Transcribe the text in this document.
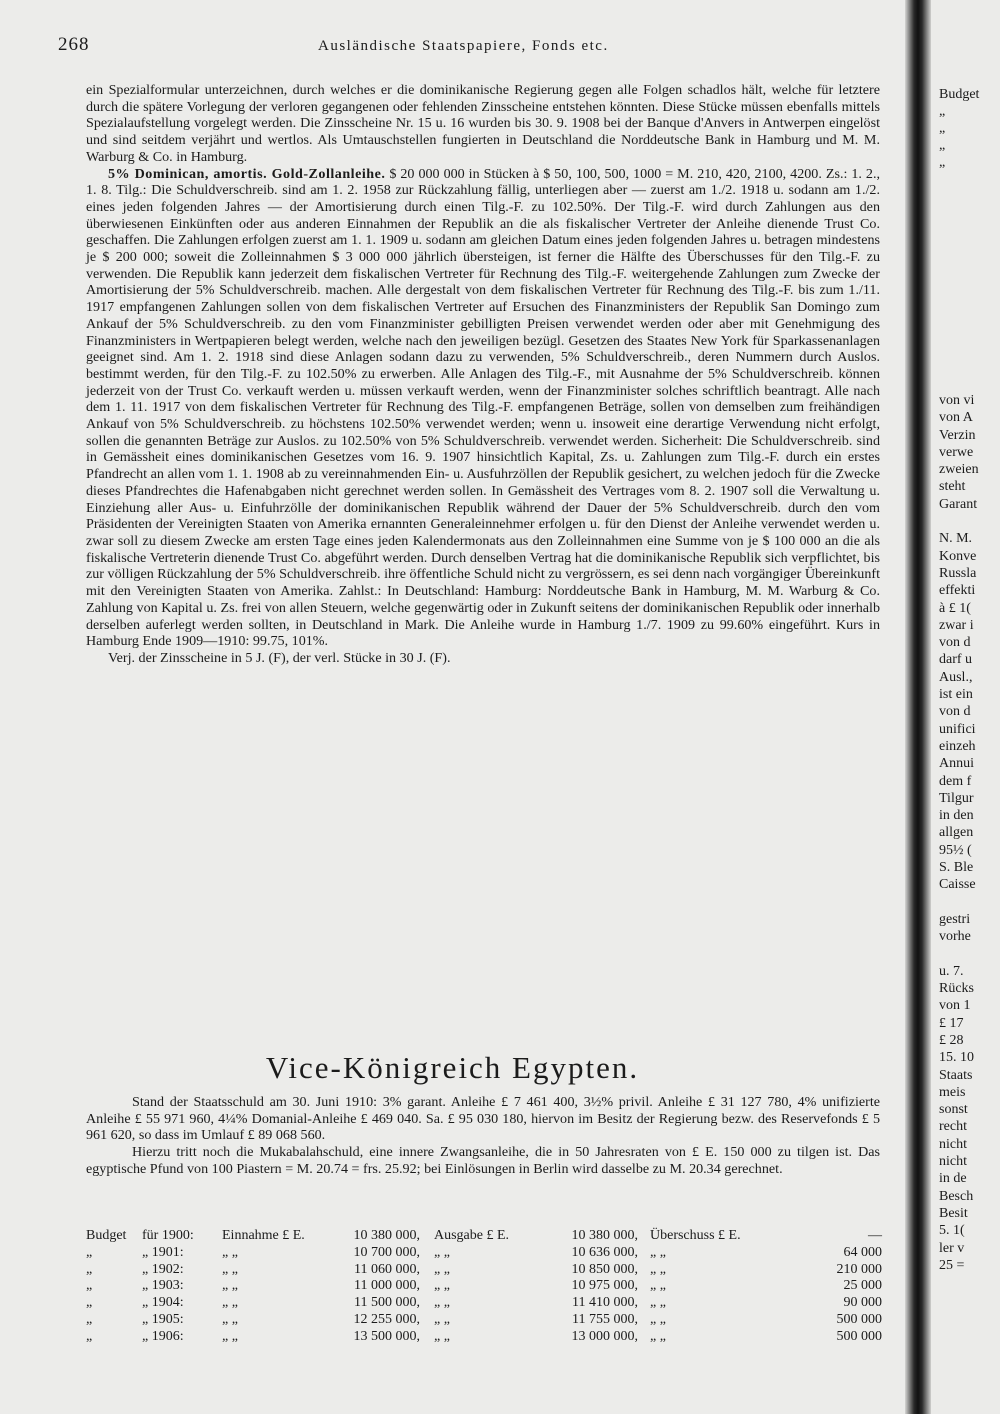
268	Ausländische Staatspapiere, Fonds etc.

ein Spezialformular unterzeichnen, durch welches er die dominikanische Regierung gegen alle Folgen schadlos hält, welche für letztere durch die spätere Vorlegung der verloren gegangenen oder fehlenden Zinsscheine entstehen könnten. Diese Stücke müssen ebenfalls mittels Spezialaufstellung vorgelegt werden. Die Zinsscheine Nr. 15 u. 16 wurden bis 30. 9. 1908 bei der Banque d'Anvers in Antwerpen eingelöst und sind seitdem verjährt und wertlos. Als Umtauschstellen fungierten in Deutschland die Norddeutsche Bank in Hamburg und M. M. Warburg & Co. in Hamburg.

5% Dominican, amortis. Gold-Zollanleihe. $ 20 000 000 in Stücken à $ 50, 100, 500, 1000 = M. 210, 420, 2100, 4200. Zs.: 1. 2., 1. 8. Tilg.: Die Schuldverschreib. sind am 1. 2. 1958 zur Rückzahlung fällig, unterliegen aber — zuerst am 1./2. 1918 u. sodann am 1./2. eines jeden folgenden Jahres — der Amortisierung durch einen Tilg.-F. zu 102.50%. Der Tilg.-F. wird durch Zahlungen aus den überwiesenen Einkünften oder aus anderen Einnahmen der Republik an die als fiskalischer Vertreter der Anleihe dienende Trust Co. geschaffen. Die Zahlungen erfolgen zuerst am 1. 1. 1909 u. sodann am gleichen Datum eines jeden folgenden Jahres u. betragen mindestens je $ 200 000; soweit die Zolleinnahmen $ 3 000 000 jährlich übersteigen, ist ferner die Hälfte des Überschusses für den Tilg.-F. zu verwenden. Die Republik kann jederzeit dem fiskalischen Vertreter für Rechnung des Tilg.-F. weitergehende Zahlungen zum Zwecke der Amortisierung der 5% Schuldverschreib. machen. Alle dergestalt von dem fiskalischen Vertreter für Rechnung des Tilg.-F. bis zum 1./11. 1917 empfangenen Zahlungen sollen von dem fiskalischen Vertreter auf Ersuchen des Finanzministers der Republik San Domingo zum Ankauf der 5% Schuldverschreib. zu den vom Finanzminister gebilligten Preisen verwendet werden oder aber mit Genehmigung des Finanzministers in Wertpapieren belegt werden, welche nach den jeweiligen bezügl. Gesetzen des Staates New York für Sparkassenanlagen geeignet sind. Am 1. 2. 1918 sind diese Anlagen sodann dazu zu verwenden, 5% Schuldverschreib., deren Nummern durch Auslos. bestimmt werden, für den Tilg.-F. zu 102.50% zu erwerben. Alle Anlagen des Tilg.-F., mit Ausnahme der 5% Schuldverschreib. können jederzeit von der Trust Co. verkauft werden u. müssen verkauft werden, wenn der Finanzminister solches schriftlich beantragt. Alle nach dem 1. 11. 1917 von dem fiskalischen Vertreter für Rechnung des Tilg.-F. empfangenen Beträge, sollen von demselben zum freihändigen Ankauf von 5% Schuldverschreib. zu höchstens 102.50% verwendet werden; wenn u. insoweit eine derartige Verwendung nicht erfolgt, sollen die genannten Beträge zur Auslos. zu 102.50% von 5% Schuldverschreib. verwendet werden. Sicherheit: Die Schuldverschreib. sind in Gemässheit eines dominikanischen Gesetzes vom 16. 9. 1907 hinsichtlich Kapital, Zs. u. Zahlungen zum Tilg.-F. durch ein erstes Pfandrecht an allen vom 1. 1. 1908 ab zu vereinnahmenden Ein- u. Ausfuhrzöllen der Republik gesichert, zu welchen jedoch für die Zwecke dieses Pfandrechtes die Hafenabgaben nicht gerechnet werden sollen. In Gemässheit des Vertrages vom 8. 2. 1907 soll die Verwaltung u. Einziehung aller Aus- u. Einfuhrzölle der dominikanischen Republik während der Dauer der 5% Schuldverschreib. durch den vom Präsidenten der Vereinigten Staaten von Amerika ernannten Generaleinnehmer erfolgen u. für den Dienst der Anleihe verwendet werden u. zwar soll zu diesem Zwecke am ersten Tage eines jeden Kalendermonats aus den Zolleinnahmen eine Summe von je $ 100 000 an die als fiskalische Vertreterin dienende Trust Co. abgeführt werden. Durch denselben Vertrag hat die dominikanische Republik sich verpflichtet, bis zur völligen Rückzahlung der 5% Schuldverschreib. ihre öffentliche Schuld nicht zu vergrössern, es sei denn nach vorgängiger Übereinkunft mit den Vereinigten Staaten von Amerika. Zahlst.: In Deutschland: Hamburg: Norddeutsche Bank in Hamburg, M. M. Warburg & Co. Zahlung von Kapital u. Zs. frei von allen Steuern, welche gegenwärtig oder in Zukunft seitens der dominikanischen Republik oder innerhalb derselben auferlegt werden sollten, in Deutschland in Mark. Die Anleihe wurde in Hamburg 1./7. 1909 zu 99.60% eingeführt. Kurs in Hamburg Ende 1909—1910: 99.75, 101%.

Verj. der Zinsscheine in 5 J. (F), der verl. Stücke in 30 J. (F).

Vice-Königreich Egypten.

Stand der Staatsschuld am 30. Juni 1910: 3% garant. Anleihe £ 7 461 400, 3½% privil. Anleihe £ 31 127 780, 4% unifizierte Anleihe £ 55 971 960, 4¼% Domanial-Anleihe £ 469 040. Sa. £ 95 030 180, hiervon im Besitz der Regierung bezw. des Reservefonds £ 5 961 620, so dass im Umlauf £ 89 068 560.

Hierzu tritt noch die Mukabalahschuld, eine innere Zwangsanleihe, die in 50 Jahresraten von £ E. 150 000 zu tilgen ist. Das egyptische Pfund von 100 Piastern = M. 20.74 = frs. 25.92; bei Einlösungen in Berlin wird dasselbe zu M. 20.34 gerechnet.

Budget	für 1900:	Einnahme £ E.	10 380 000,	Ausgabe £ E.	10 380 000,	Überschuss £ E.	—
„	„ 1901:	„ „	10 700 000,	„ „	10 636 000,	„ „	64 000
„	„ 1902:	„ „	11 060 000,	„ „	10 850 000,	„ „	210 000
„	„ 1903:	„ „	11 000 000,	„ „	10 975 000,	„ „	25 000
„	„ 1904:	„ „	11 500 000,	„ „	11 410 000,	„ „	90 000
„	„ 1905:	„ „	12 255 000,	„ „	11 755 000,	„ „	500 000
„	„ 1906:	„ „	13 500 000,	„ „	13 000 000,	„ „	500 000
Budget
„
„
„
„
von vi
von A
Verzin
verwe
zweien
steht
Garant

N. M.
Konve
Russla
effekti
à £ 1(
zwar i
von d
darf u
Ausl.,
ist ein
von d
unifici
einzeh
Annui
dem f
Tilgur
in den
allgen
95½ (
S. Ble
Caisse

gestri
vorhe

u. 7.
Rücks
von 1
£ 17
£ 28
15. 10
Staats
meis
sonst
recht
nicht
nicht
in de
Besch
Besit
5. 1(
ler v
25 =
